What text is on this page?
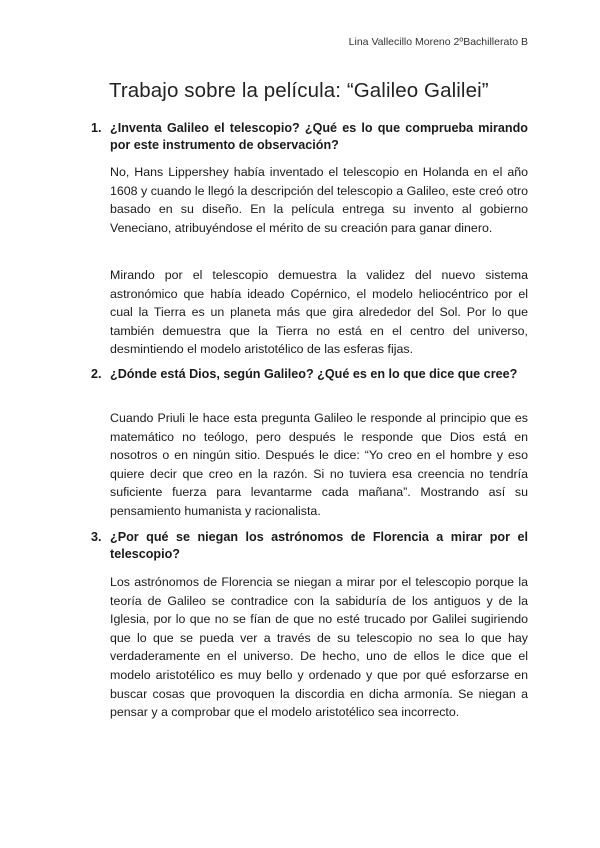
Lina Vallecillo Moreno 2ºBachillerato B
Trabajo sobre la película: “Galileo Galilei”
1. ¿Inventa Galileo el telescopio? ¿Qué es lo que comprueba mirando por este instrumento de observación?
No, Hans Lippershey había inventado el telescopio en Holanda en el año 1608 y cuando le llegó la descripción del telescopio a Galileo, este creó otro basado en su diseño. En la película entrega su invento al gobierno Veneciano, atribuyéndose el mérito de su creación para ganar dinero.
Mirando por el telescopio demuestra la validez del nuevo sistema astronómico que había ideado Copérnico, el modelo heliocéntrico por el cual la Tierra es un planeta más que gira alrededor del Sol. Por lo que también demuestra que la Tierra no está en el centro del universo, desmintiendo el modelo aristotélico de las esferas fijas.
2. ¿Dónde está Dios, según Galileo? ¿Qué es en lo que dice que cree?
Cuando Priuli le hace esta pregunta Galileo le responde al principio que es matemático no teólogo, pero después le responde que Dios está en nosotros o en ningún sitio. Después le dice: “Yo creo en el hombre y eso quiere decir que creo en la razón. Si no tuviera esa creencia no tendría suficiente fuerza para levantarme cada mañana”. Mostrando así su pensamiento humanista y racionalista.
3. ¿Por qué se niegan los astrónomos de Florencia a mirar por el telescopio?
Los astrónomos de Florencia se niegan a mirar por el telescopio porque la teoría de Galileo se contradice con la sabiduría de los antiguos y de la Iglesia, por lo que no se fían de que no esté trucado por Galilei sugiriendo que lo que se pueda ver a través de su telescopio no sea lo que hay verdaderamente en el universo. De hecho, uno de ellos le dice que el modelo aristotélico es muy bello y ordenado y que por qué esforzarse en buscar cosas que provoquen la discordia en dicha armonía. Se niegan a pensar y a comprobar que el modelo aristotélico sea incorrecto.
